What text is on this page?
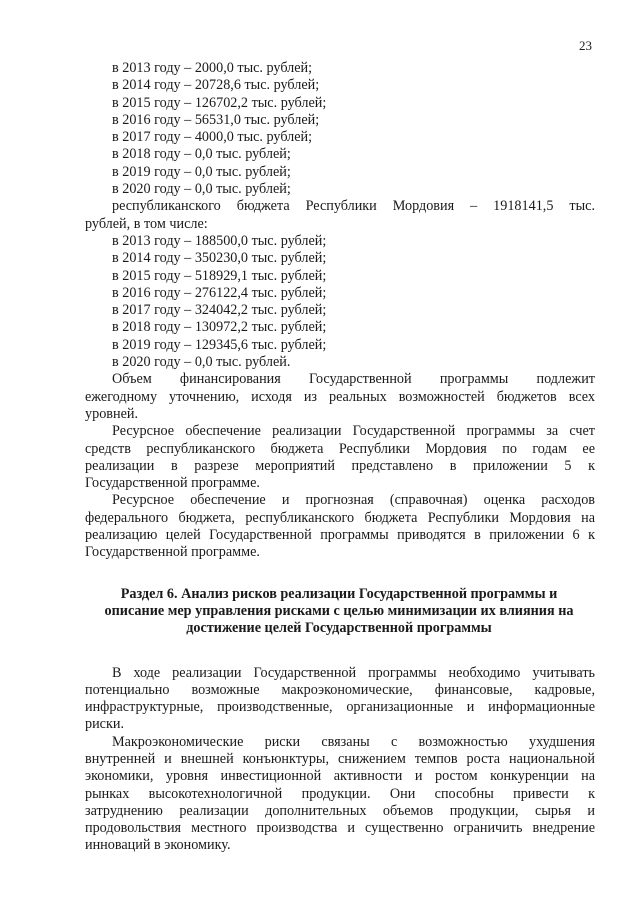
23
в 2013 году – 2000,0 тыс. рублей;
в 2014 году – 20728,6 тыс. рублей;
в 2015 году – 126702,2 тыс. рублей;
в 2016 году – 56531,0 тыс. рублей;
в 2017 году – 4000,0 тыс. рублей;
в 2018 году – 0,0 тыс. рублей;
в 2019 году – 0,0 тыс. рублей;
в 2020 году – 0,0 тыс. рублей;
республиканского бюджета Республики Мордовия – 1918141,5 тыс.
рублей, в том числе:
в 2013 году – 188500,0 тыс. рублей;
в 2014 году – 350230,0 тыс. рублей;
в 2015 году – 518929,1 тыс. рублей;
в 2016 году – 276122,4 тыс. рублей;
в 2017 году – 324042,2 тыс. рублей;
в 2018 году – 130972,2 тыс. рублей;
в 2019 году – 129345,6 тыс. рублей;
в 2020 году – 0,0 тыс. рублей.
Объем финансирования Государственной программы подлежит
ежегодному уточнению, исходя из реальных возможностей бюджетов всех
уровней.
Ресурсное обеспечение реализации Государственной программы за счет
средств республиканского бюджета Республики Мордовия по годам ее
реализации в разрезе мероприятий представлено в приложении 5 к
Государственной программе.
Ресурсное обеспечение и прогнозная (справочная) оценка расходов
федерального бюджета, республиканского бюджета Республики Мордовия на
реализацию целей Государственной программы приводятся в приложении 6 к
Государственной программе.
Раздел 6. Анализ рисков реализации Государственной программы и
описание мер управления рисками с целью минимизации их влияния на
достижение целей Государственной программы
В ходе реализации Государственной программы необходимо учитывать
потенциально возможные макроэкономические, финансовые, кадровые,
инфраструктурные, производственные, организационные и информационные
риски.
Макроэкономические риски связаны с возможностью ухудшения
внутренней и внешней конъюнктуры, снижением темпов роста национальной
экономики, уровня инвестиционной активности и ростом конкуренции на
рынках высокотехнологичной продукции. Они способны привести к
затруднению реализации дополнительных объемов продукции, сырья и
продовольствия местного производства и существенно ограничить внедрение
инноваций в экономику.
